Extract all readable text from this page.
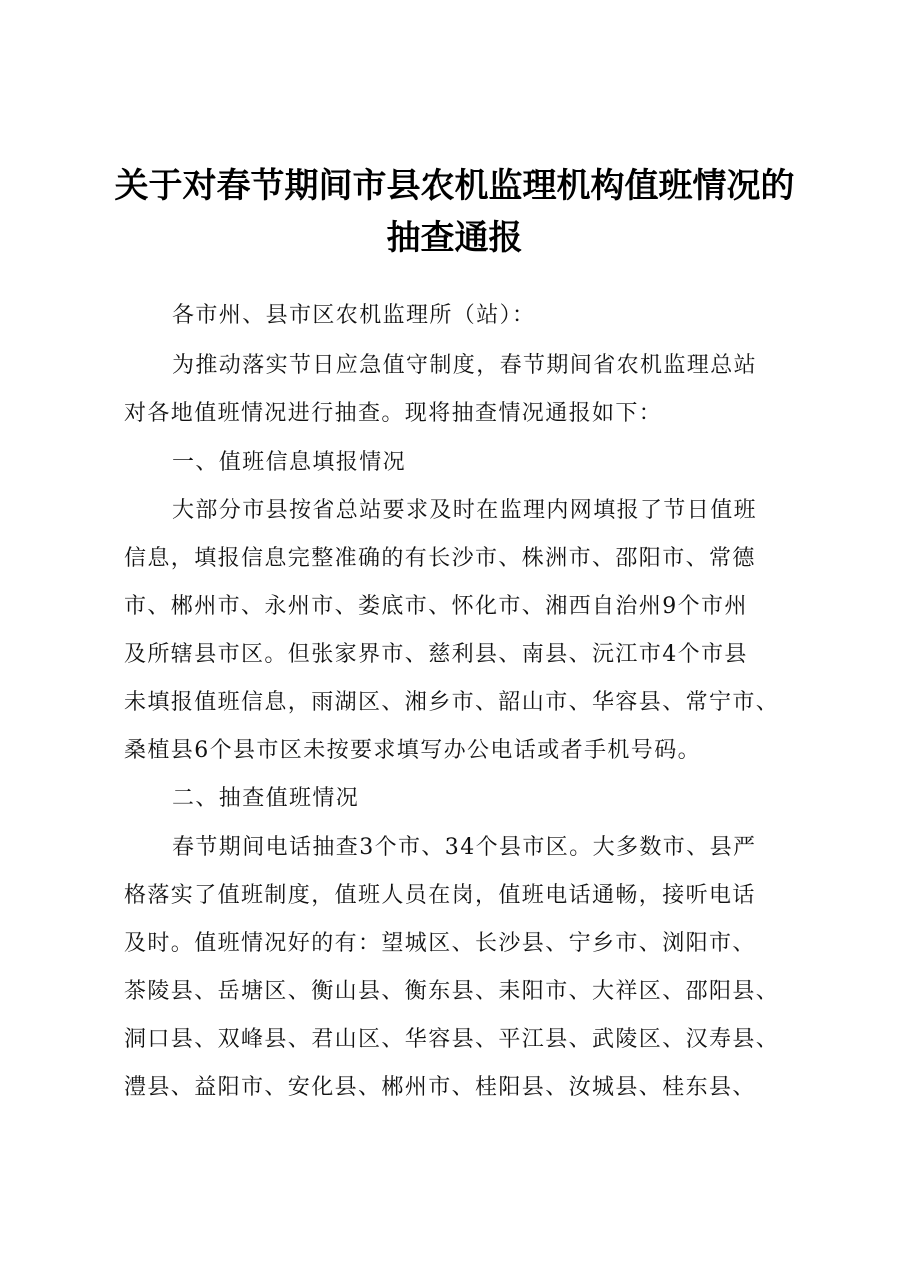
关于对春节期间市县农机监理机构值班情况的
抽查通报
各市州、县市区农机监理所（站）：
为推动落实节日应急值守制度，春节期间省农机监理总站
对各地值班情况进行抽查。现将抽查情况通报如下：
一、值班信息填报情况
大部分市县按省总站要求及时在监理内网填报了节日值班
信息，填报信息完整准确的有长沙市、株洲市、邵阳市、常德
市、郴州市、永州市、娄底市、怀化市、湘西自治州9个市州
及所辖县市区。但张家界市、慈利县、南县、沅江市4个市县
未填报值班信息，雨湖区、湘乡市、韶山市、华容县、常宁市、
桑植县6个县市区未按要求填写办公电话或者手机号码。
二、抽查值班情况
春节期间电话抽查3个市、34个县市区。大多数市、县严
格落实了值班制度，值班人员在岗，值班电话通畅，接听电话
及时。值班情况好的有：望城区、长沙县、宁乡市、浏阳市、
茶陵县、岳塘区、衡山县、衡东县、耒阳市、大祥区、邵阳县、
洞口县、双峰县、君山区、华容县、平江县、武陵区、汉寿县、
澧县、益阳市、安化县、郴州市、桂阳县、汝城县、桂东县、
